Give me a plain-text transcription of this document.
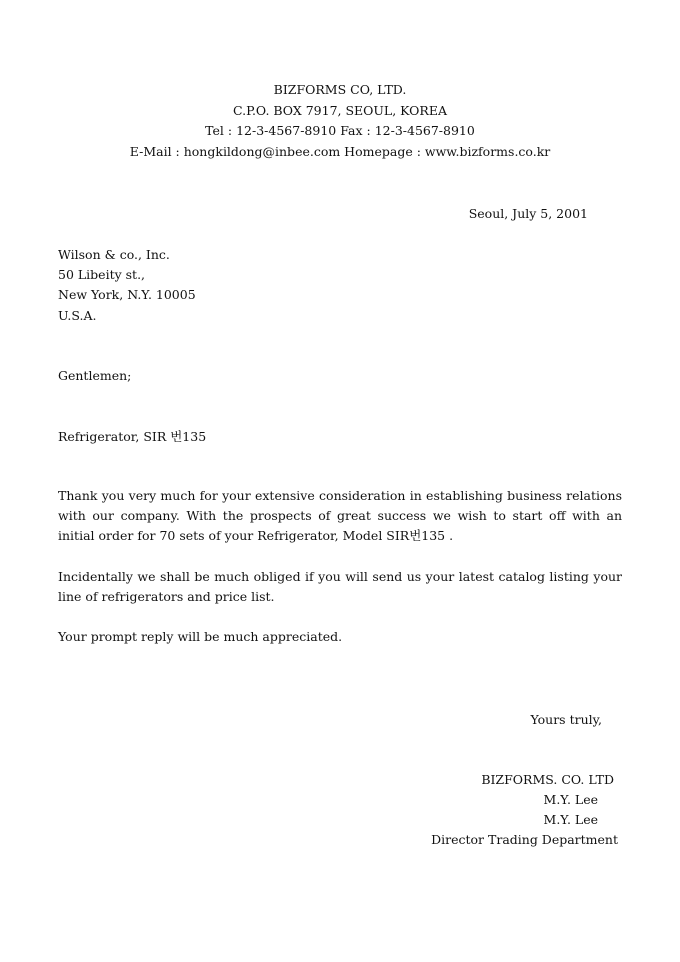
BIZFORMS CO, LTD.
C.P.O. BOX 7917, SEOUL, KOREA
Tel : 12-3-4567-8910 Fax : 12-3-4567-8910
E-Mail : hongkildong@inbee.com Homepage : www.bizforms.co.kr
Seoul, July 5, 2001
Wilson & co., Inc.
50 Libeity st.,
New York, N.Y. 10005
U.S.A.
Gentlemen;
Refrigerator, SIR 번135
Thank you very much for your extensive consideration in establishing business relations with our company. With the prospects of great success we wish to start off with an initial order for 70 sets of your Refrigerator, Model SIR번135 .
Incidentally we shall be much obliged if you will send us your latest catalog listing your line of refrigerators and price list.
Your prompt reply will be much appreciated.
Yours truly,
BIZFORMS. CO. LTD
M.Y. Lee
M.Y. Lee
Director Trading Department
